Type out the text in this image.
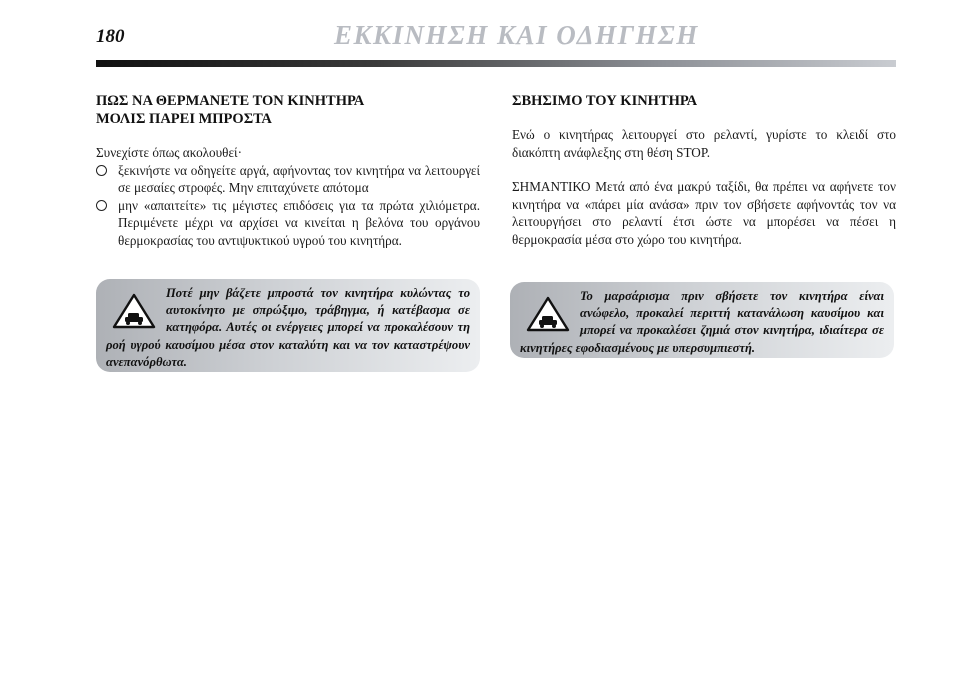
180	ΕΚΚΙΝΗΣΗ ΚΑΙ ΟΔΗΓΗΣΗ
ΠΩΣ ΝΑ ΘΕΡΜΑΝΕΤΕ ΤΟΝ ΚΙΝΗΤΗΡΑ
ΜΟΛΙΣ ΠΑΡΕΙ ΜΠΡΟΣΤΑ

Συνεχίστε όπως ακολουθεί·

ξεκινήστε να οδηγείτε αργά, αφήνοντας τον κινητήρα να λειτουργεί σε μεσαίες στροφές. Μην επιταχύνετε απότομα
μην «απαιτείτε» τις μέγιστες επιδόσεις για τα πρώτα χιλιόμετρα. Περιμένετε μέχρι να αρχίσει να κινείται η βελόνα του οργάνου θερμοκρασίας του αντιψυκτικού υγρού του κινητήρα.
Ποτέ μην βάζετε μπροστά τον κινητήρα κυλώντας το αυτοκίνητο με σπρώξιμο, τράβηγμα, ή κατέβασμα σε κατηφόρα. Αυτές οι ενέργειες μπορεί να προκαλέσουν τη ροή υγρού καυσίμου μέσα στον καταλύτη και να τον καταστρέψουν ανεπανόρθωτα.
ΣΒΗΣΙΜΟ ΤΟΥ ΚΙΝΗΤΗΡΑ

Ενώ ο κινητήρας λειτουργεί στο ρελαντί, γυρίστε το κλειδί στο διακόπτη ανάφλεξης στη θέση STOP.

ΣΗΜΑΝΤΙΚΟ Μετά από ένα μακρύ ταξίδι, θα πρέπει να αφήνετε τον κινητήρα να «πάρει μία ανάσα» πριν τον σβήσετε αφήνοντάς τον να λειτουργήσει στο ρελαντί έτσι ώστε να μπορέσει να πέσει η θερμοκρασία μέσα στο χώρο του κινητήρα.

Το μαρσάρισμα πριν σβήσετε τον κινητήρα είναι ανώφελο, προκαλεί περιττή κατανάλωση καυσίμου και μπορεί να προκαλέσει ζημιά στον κινητήρα, ιδιαίτερα σε κινητήρες εφοδιασμένους με υπερσυμπιεστή.
